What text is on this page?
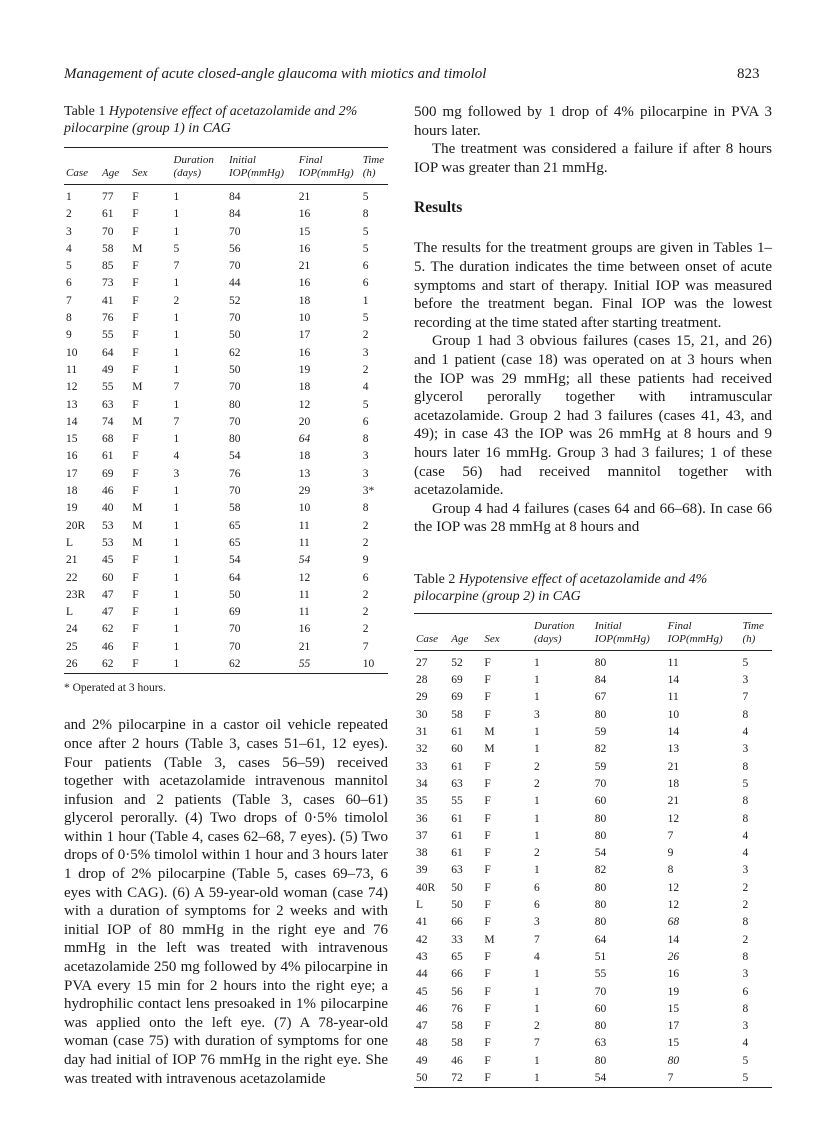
Management of acute closed-angle glaucoma with miotics and timolol	823
Table 1 Hypotensive effect of acetazolamide and 2% pilocarpine (group 1) in CAG
Case	Age	Sex	Duration (days)	Initial IOP(mmHg)	Final IOP(mmHg)	Time (h)
1	77	F	1	84	21	5
2	61	F	1	84	16	8
3	70	F	1	70	15	5
4	58	M	5	56	16	5
5	85	F	7	70	21	6
6	73	F	1	44	16	6
7	41	F	2	52	18	1
8	76	F	1	70	10	5
9	55	F	1	50	17	2
10	64	F	1	62	16	3
11	49	F	1	50	19	2
12	55	M	7	70	18	4
13	63	F	1	80	12	5
14	74	M	7	70	20	6
15	68	F	1	80	64	8
16	61	F	4	54	18	3
17	69	F	3	76	13	3
18	46	F	1	70	29	3*
19	40	M	1	58	10	8
20R	53	M	1	65	11	2
L	53	M	1	65	11	2
21	45	F	1	54	54	9
22	60	F	1	64	12	6
23R	47	F	1	50	11	2
L	47	F	1	69	11	2
24	62	F	1	70	16	2
25	46	F	1	70	21	7
26	62	F	1	62	55	10
* Operated at 3 hours.

and 2% pilocarpine in a castor oil vehicle repeated once after 2 hours (Table 3, cases 51–61, 12 eyes). Four patients (Table 3, cases 56–59) received together with acetazolamide intravenous mannitol infusion and 2 patients (Table 3, cases 60–61) glycerol perorally. (4) Two drops of 0·5% timolol within 1 hour (Table 4, cases 62–68, 7 eyes). (5) Two drops of 0·5% timolol within 1 hour and 3 hours later 1 drop of 2% pilocarpine (Table 5, cases 69–73, 6 eyes with CAG). (6) A 59-year-old woman (case 74) with a duration of symptoms for 2 weeks and with initial IOP of 80 mmHg in the right eye and 76 mmHg in the left was treated with intravenous acetazolamide 250 mg followed by 4% pilocarpine in PVA every 15 min for 2 hours into the right eye; a hydrophilic contact lens presoaked in 1% pilocarpine was applied onto the left eye. (7) A 78-year-old woman (case 75) with duration of symptoms for one day had initial of IOP 76 mmHg in the right eye. She was treated with intravenous acetazolamide

500 mg followed by 1 drop of 4% pilocarpine in PVA 3 hours later.

The treatment was considered a failure if after 8 hours IOP was greater than 21 mmHg.

Results

The results for the treatment groups are given in Tables 1–5. The duration indicates the time between onset of acute symptoms and start of therapy. Initial IOP was measured before the treatment began. Final IOP was the lowest recording at the time stated after starting treatment.

Group 1 had 3 obvious failures (cases 15, 21, and 26) and 1 patient (case 18) was operated on at 3 hours when the IOP was 29 mmHg; all these patients had received glycerol perorally together with intramuscular acetazolamide. Group 2 had 3 failures (cases 41, 43, and 49); in case 43 the IOP was 26 mmHg at 8 hours and 9 hours later 16 mmHg. Group 3 had 3 failures; 1 of these (case 56) had received mannitol together with acetazolamide.

Group 4 had 4 failures (cases 64 and 66–68). In case 66 the IOP was 28 mmHg at 8 hours and

Table 2 Hypotensive effect of acetazolamide and 4% pilocarpine (group 2) in CAG
Case	Age	Sex	Duration (days)	Initial IOP(mmHg)	Final IOP(mmHg)	Time (h)
27	52	F	1	80	11	5
28	69	F	1	84	14	3
29	69	F	1	67	11	7
30	58	F	3	80	10	8
31	61	M	1	59	14	4
32	60	M	1	82	13	3
33	61	F	2	59	21	8
34	63	F	2	70	18	5
35	55	F	1	60	21	8
36	61	F	1	80	12	8
37	61	F	1	80	7	4
38	61	F	2	54	9	4
39	63	F	1	82	8	3
40R	50	F	6	80	12	2
L	50	F	6	80	12	2
41	66	F	3	80	68	8
42	33	M	7	64	14	2
43	65	F	4	51	26	8
44	66	F	1	55	16	3
45	56	F	1	70	19	6
46	76	F	1	60	15	8
47	58	F	2	80	17	3
48	58	F	7	63	15	4
49	46	F	1	80	80	5
50	72	F	1	54	7	5
